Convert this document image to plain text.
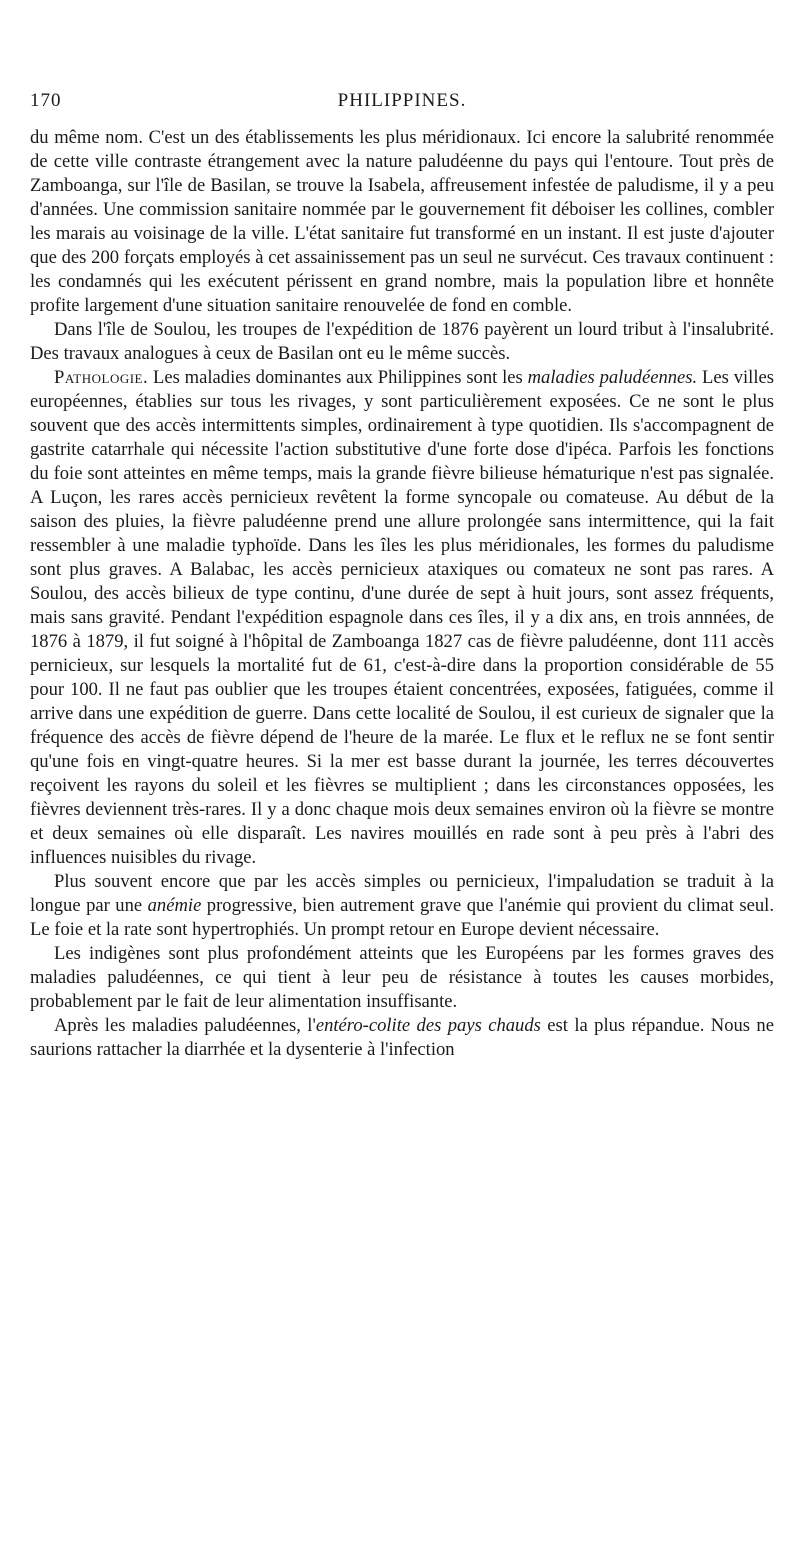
170	PHILIPPINES.

du même nom. C'est un des établissements les plus méridionaux. Ici encore la salubrité renommée de cette ville contraste étrangement avec la nature paludéenne du pays qui l'entoure. Tout près de Zamboanga, sur l'île de Basilan, se trouve la Isabela, affreusement infestée de paludisme, il y a peu d'années. Une commission sanitaire nommée par le gouvernement fit déboiser les collines, combler les marais au voisinage de la ville. L'état sanitaire fut transformé en un instant. Il est juste d'ajouter que des 200 forçats employés à cet assainissement pas un seul ne survécut. Ces travaux continuent : les condamnés qui les exécutent périssent en grand nombre, mais la population libre et honnête profite largement d'une situation sanitaire renouvelée de fond en comble.

Dans l'île de Soulou, les troupes de l'expédition de 1876 payèrent un lourd tribut à l'insalubrité. Des travaux analogues à ceux de Basilan ont eu le même succès.

Pathologie. Les maladies dominantes aux Philippines sont les maladies paludéennes. Les villes européennes, établies sur tous les rivages, y sont particulièrement exposées. Ce ne sont le plus souvent que des accès intermittents simples, ordinairement à type quotidien. Ils s'accompagnent de gastrite catarrhale qui nécessite l'action substitutive d'une forte dose d'ipéca. Parfois les fonctions du foie sont atteintes en même temps, mais la grande fièvre bilieuse hématurique n'est pas signalée. A Luçon, les rares accès pernicieux revêtent la forme syncopale ou comateuse. Au début de la saison des pluies, la fièvre paludéenne prend une allure prolongée sans intermittence, qui la fait ressembler à une maladie typhoïde. Dans les îles les plus méridionales, les formes du paludisme sont plus graves. A Balabac, les accès pernicieux ataxiques ou comateux ne sont pas rares. A Soulou, des accès bilieux de type continu, d'une durée de sept à huit jours, sont assez fréquents, mais sans gravité. Pendant l'expédition espagnole dans ces îles, il y a dix ans, en trois annnées, de 1876 à 1879, il fut soigné à l'hôpital de Zamboanga 1827 cas de fièvre paludéenne, dont 111 accès pernicieux, sur lesquels la mortalité fut de 61, c'est-à-dire dans la proportion considérable de 55 pour 100. Il ne faut pas oublier que les troupes étaient concentrées, exposées, fatiguées, comme il arrive dans une expédition de guerre. Dans cette localité de Soulou, il est curieux de signaler que la fréquence des accès de fièvre dépend de l'heure de la marée. Le flux et le reflux ne se font sentir qu'une fois en vingt-quatre heures. Si la mer est basse durant la journée, les terres découvertes reçoivent les rayons du soleil et les fièvres se multiplient ; dans les circonstances opposées, les fièvres deviennent très-rares. Il y a donc chaque mois deux semaines environ où la fièvre se montre et deux semaines où elle disparaît. Les navires mouillés en rade sont à peu près à l'abri des influences nuisibles du rivage.

Plus souvent encore que par les accès simples ou pernicieux, l'impaludation se traduit à la longue par une anémie progressive, bien autrement grave que l'anémie qui provient du climat seul. Le foie et la rate sont hypertrophiés. Un prompt retour en Europe devient nécessaire.

Les indigènes sont plus profondément atteints que les Européens par les formes graves des maladies paludéennes, ce qui tient à leur peu de résistance à toutes les causes morbides, probablement par le fait de leur alimentation insuffisante.

Après les maladies paludéennes, l'entéro-colite des pays chauds est la plus répandue. Nous ne saurions rattacher la diarrhée et la dysenterie à l'infection
